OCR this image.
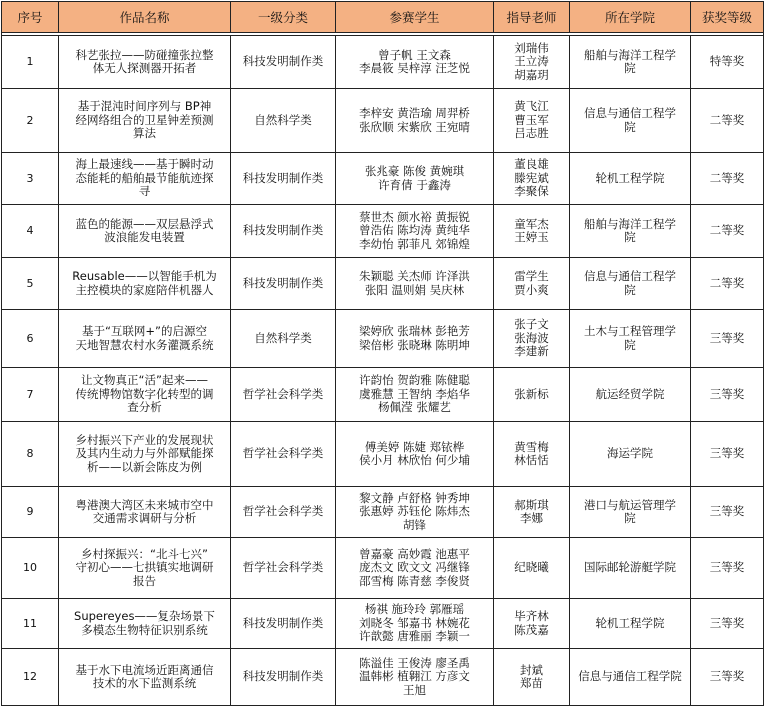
序号	作品名称	一级分类	参赛学生	指导老师	所在学院	获奖等级

1	科艺张拉——防碰撞张拉整
体无人探测器开拓者	科技发明制作类	曾子帆 王文森
李晨筱 吴梓淳 汪芝悦	刘瑞伟
王立涛
胡嘉玥	船舶与海洋工程学
院	特等奖
2	基于混沌时间序列与 BP神
经网络组合的卫星钟差预测
算法	自然科学类	李梓安 黄浩瑜 周羿桥
张欣顺 宋紫欣 王宛晴	黄飞江
曹玉军
吕志胜	信息与通信工程学
院	二等奖
3	海上最速线——基于瞬时动
态能耗的船舶最节能航迹探
寻	科技发明制作类	张兆豪 陈俊 黄婉琪
许育倩 于鑫涛	董良雄
滕宪斌
李聚保	轮机工程学院	二等奖
4	蓝色的能源——双层悬浮式
波浪能发电装置	科技发明制作类	蔡世杰 颜水裕 黄振锐
曾浩佑 陈均涛 黄纯华
李幼怡 郭菲凡 郊锦煌	童军杰
王婷玉	船舶与海洋工程学
院	二等奖
5	Reusable——以智能手机为
主控模块的家庭陪伴机器人	科技发明制作类	朱颖聪 关杰师 许泽洪
张阳 温则娟 吴庆林	雷学生
贾小爽	信息与通信工程学
院	二等奖
6	基于“互联网+”的启源空
天地智慧农村水务灌溉系统	自然科学类	梁婷欣 张瑞林 彭艳芳
梁倍彬 张晓琳 陈明坤	张子文
张海波
李建新	土木与工程管理学
院	三等奖
7	让文物真正“活”起来——
传统博物馆数字化转型的调
查分析	哲学社会科学类	许韵怡 贺韵雅 陈健聪
虞雅慧 王智纳 李焰华
杨佩滢 张耀艺	张新标	航运经贸学院	三等奖
8	乡村振兴下产业的发展现状
及其内生动力与外部赋能探
析——以新会陈皮为例	哲学社会科学类	傅美婷 陈婕 郑铱桦
侯小月 林欣怡 何少埔	黄雪梅
林恬恬	海运学院	三等奖
9	粤港澳大湾区未来城市空中
交通需求调研与分析	哲学社会科学类	黎文静 卢舒格 钟秀坤
张惠婷 苏钰伦 陈炜杰
胡锋	郝斯琪
李娜	港口与航运管理学
院	三等奖
10	乡村探振兴：“北斗七兴”
守初心——七拱镇实地调研
报告	哲学社会科学类	曾嘉豪 高妙霞 池惠平
庞杰文 欧文文 冯继锋
邵雪梅 陈青慈 李俊贤	纪晓曦	国际邮轮游艇学院	三等奖
11	Supereyes——复杂场景下
多模态生物特征识别系统	科技发明制作类	杨祺 施玲玲 郭雁瑶
刘晓冬 邹嘉书 林婉花
许歆懿 唐雅丽 李颖一	毕齐林
陈茂嘉	轮机工程学院	三等奖
12	基于水下电流场近距离通信
技术的水下监测系统	科技发明制作类	陈溢佳 王俊涛 廖圣禹
温韩彬 植翱江 方彦文
王旭	封斌
郑苗	信息与通信工程学院	三等奖
